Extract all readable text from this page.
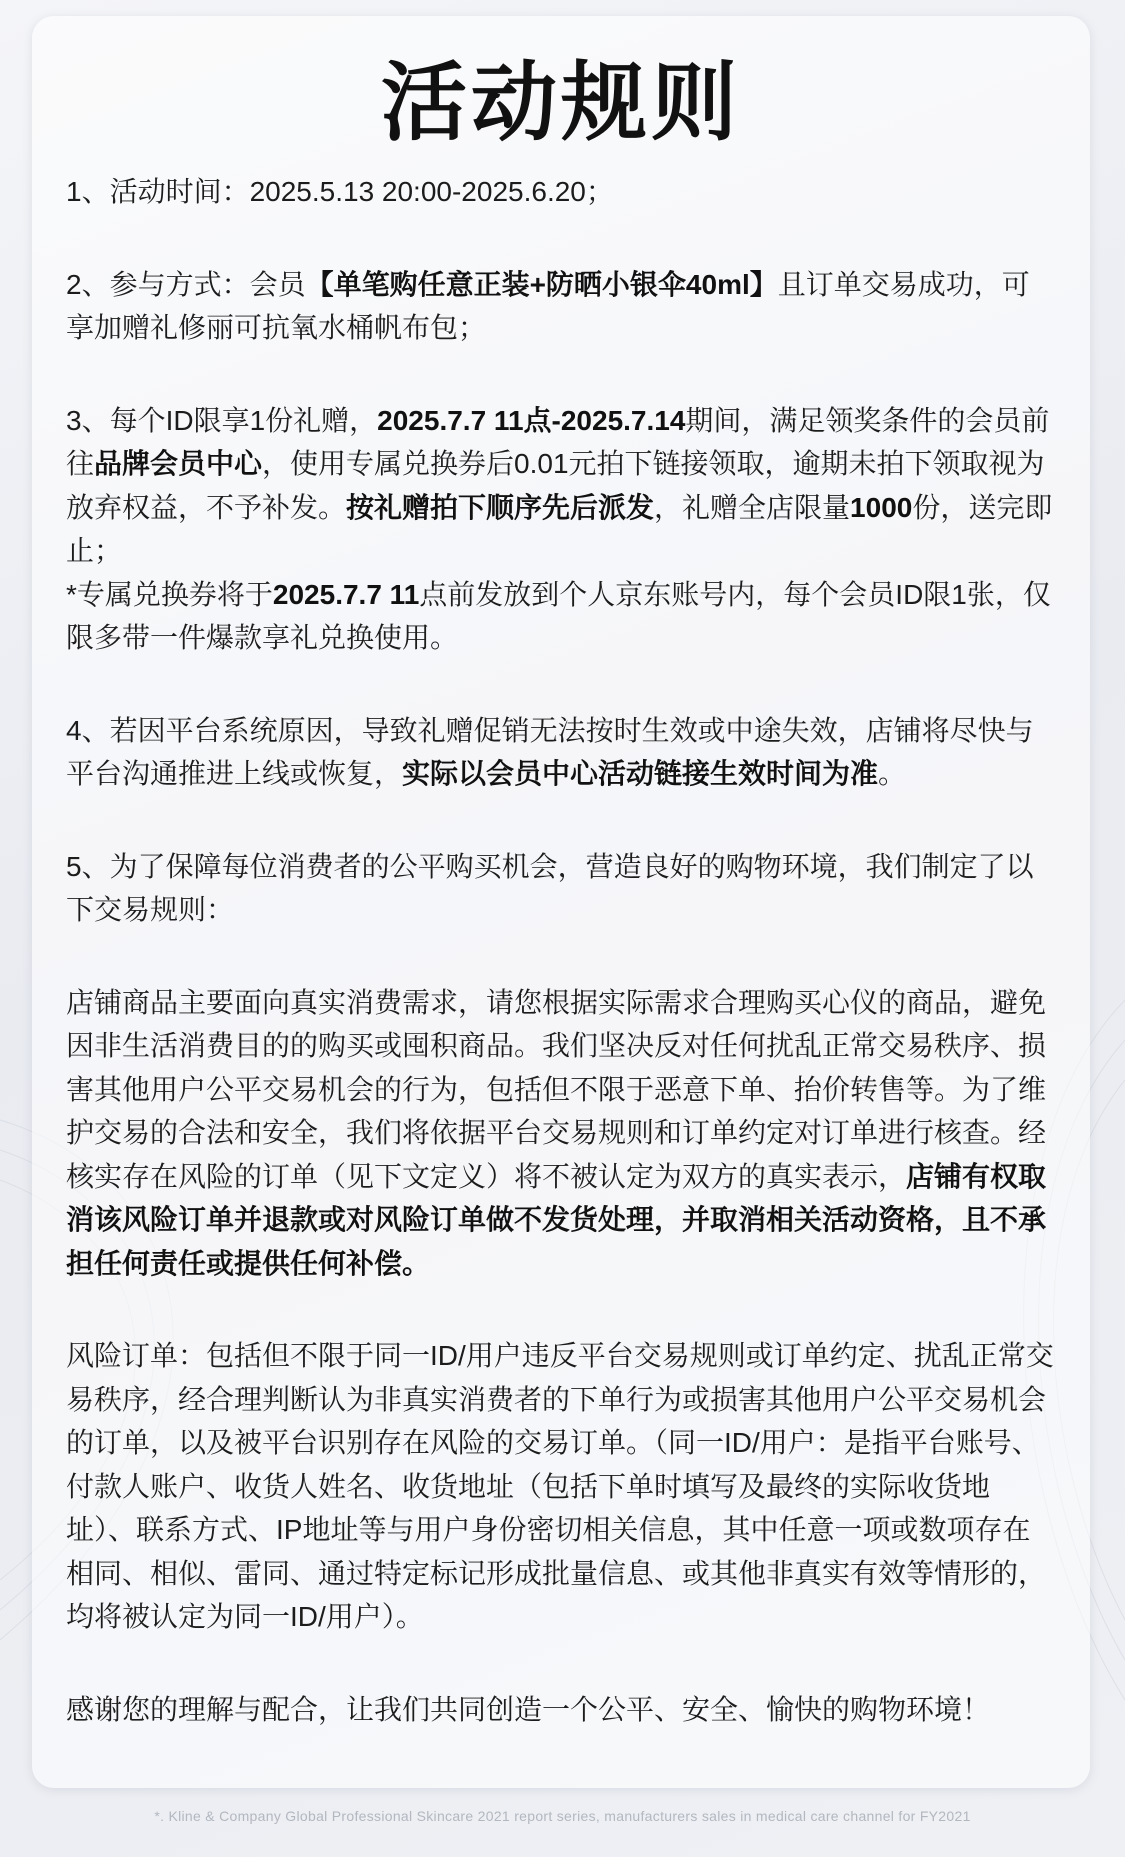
活动规则

1、活动时间：2025.5.13 20:00-2025.6.20；

2、参与方式：会员【单笔购任意正装+防晒小银伞40ml】且订单交易成功，可享加赠礼修丽可抗氧水桶帆布包；

3、每个ID限享1份礼赠，2025.7.7 11点-2025.7.14期间，满足领奖条件的会员前往品牌会员中心，使用专属兑换券后0.01元拍下链接领取，逾期未拍下领取视为放弃权益，不予补发。按礼赠拍下顺序先后派发，礼赠全店限量1000份，送完即止；

*专属兑换券将于2025.7.7 11点前发放到个人京东账号内，每个会员ID限1张，仅限多带一件爆款享礼兑换使用。

4、若因平台系统原因，导致礼赠促销无法按时生效或中途失效，店铺将尽快与平台沟通推进上线或恢复，实际以会员中心活动链接生效时间为准。

5、为了保障每位消费者的公平购买机会，营造良好的购物环境，我们制定了以下交易规则：

店铺商品主要面向真实消费需求，请您根据实际需求合理购买心仪的商品，避免因非生活消费目的的购买或囤积商品。我们坚决反对任何扰乱正常交易秩序、损害其他用户公平交易机会的行为，包括但不限于恶意下单、抬价转售等。为了维护交易的合法和安全，我们将依据平台交易规则和订单约定对订单进行核查。经核实存在风险的订单（见下文定义）将不被认定为双方的真实表示，店铺有权取消该风险订单并退款或对风险订单做不发货处理，并取消相关活动资格，且不承担任何责任或提供任何补偿。

风险订单：包括但不限于同一ID/用户违反平台交易规则或订单约定、扰乱正常交易秩序，经合理判断认为非真实消费者的下单行为或损害其他用户公平交易机会的订单，以及被平台识别存在风险的交易订单。（同一ID/用户：是指平台账号、付款人账户、收货人姓名、收货地址（包括下单时填写及最终的实际收货地址）、联系方式、IP地址等与用户身份密切相关信息，其中任意一项或数项存在相同、相似、雷同、通过特定标记形成批量信息、或其他非真实有效等情形的，均将被认定为同一ID/用户）。

感谢您的理解与配合，让我们共同创造一个公平、安全、愉快的购物环境！

*. Kline & Company Global Professional Skincare 2021 report series, manufacturers sales in medical care channel for FY2021
